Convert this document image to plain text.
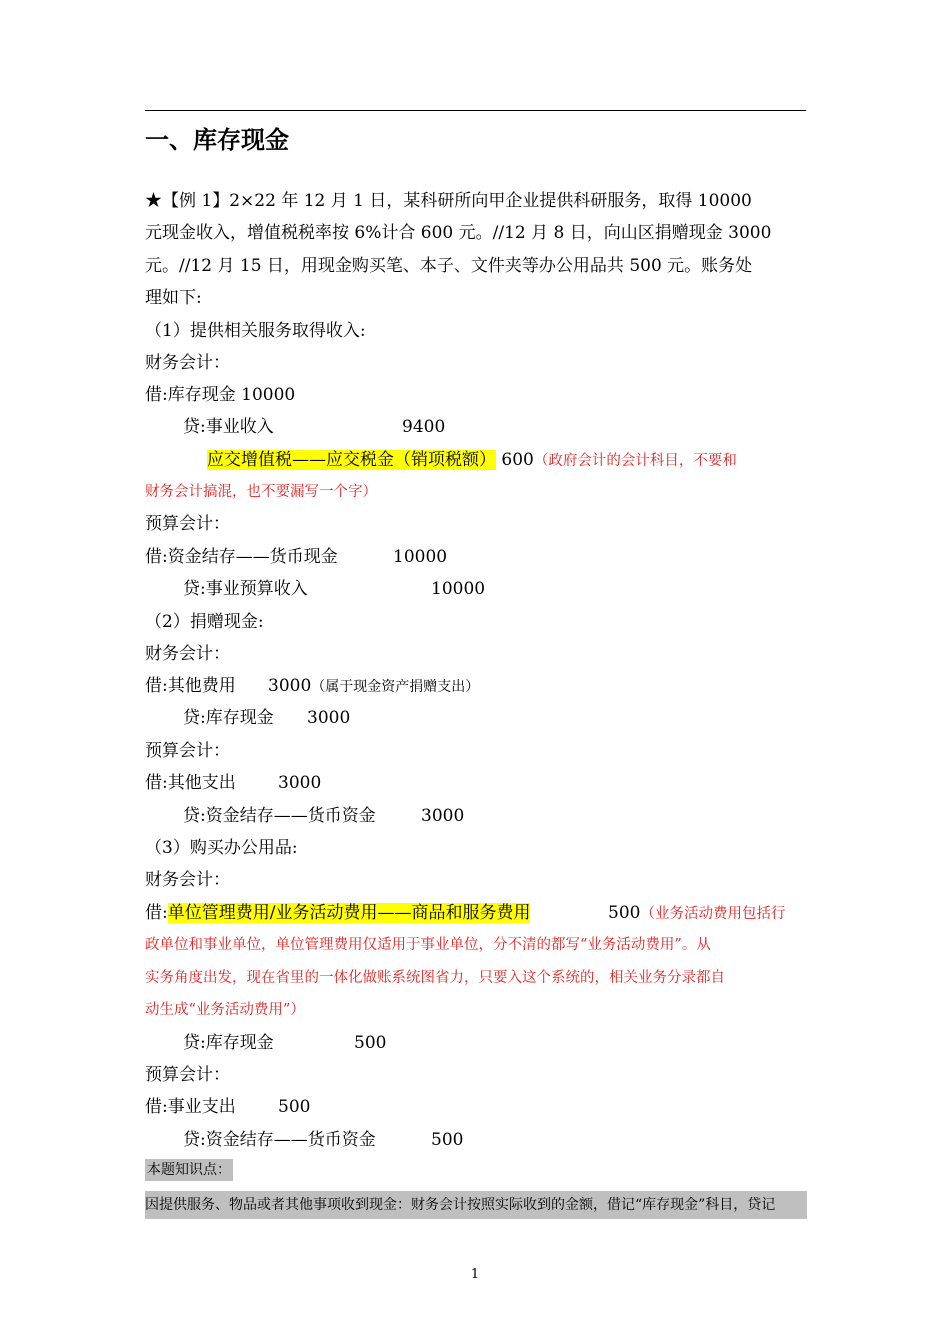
一、库存现金
★【例 1】2×22 年 12 月 1 日，某科研所向甲企业提供科研服务，取得 10000
元现金收入，增值税税率按 6%计合 600 元。//12 月 8 日，向山区捐赠现金 3000
元。//12 月 15 日，用现金购买笔、本子、文件夹等办公用品共 500 元。账务处
理如下:
（1）提供相关服务取得收入:
财务会计：
借:库存现金 10000
贷:事业收入	9400
应交增值税——应交税金（销项税额） 600（政府会计的会计科目，不要和
财务会计搞混，也不要漏写一个字）
预算会计：
借:资金结存——货币现金	10000
贷:事业预算收入	10000
（2）捐赠现金:
财务会计：
借:其他费用 3000（属于现金资产捐赠支出）
贷:库存现金 3000
预算会计：
借:其他支出 3000
贷:资金结存——货币资金	3000
（3）购买办公用品:
财务会计：
借:单位管理费用/业务活动费用——商品和服务费用	500（业务活动费用包括行
政单位和事业单位，单位管理费用仅适用于事业单位，分不清的都写“业务活动费用”。从
实务角度出发，现在省里的一体化做账系统图省力，只要入这个系统的，相关业务分录都自
动生成“业务活动费用”）
贷:库存现金	500
预算会计：
借:事业支出 500
贷:资金结存——货币资金	500
本题知识点：
因提供服务、物品或者其他事项收到现金：财务会计按照实际收到的金额，借记“库存现金”科目，贷记
1
